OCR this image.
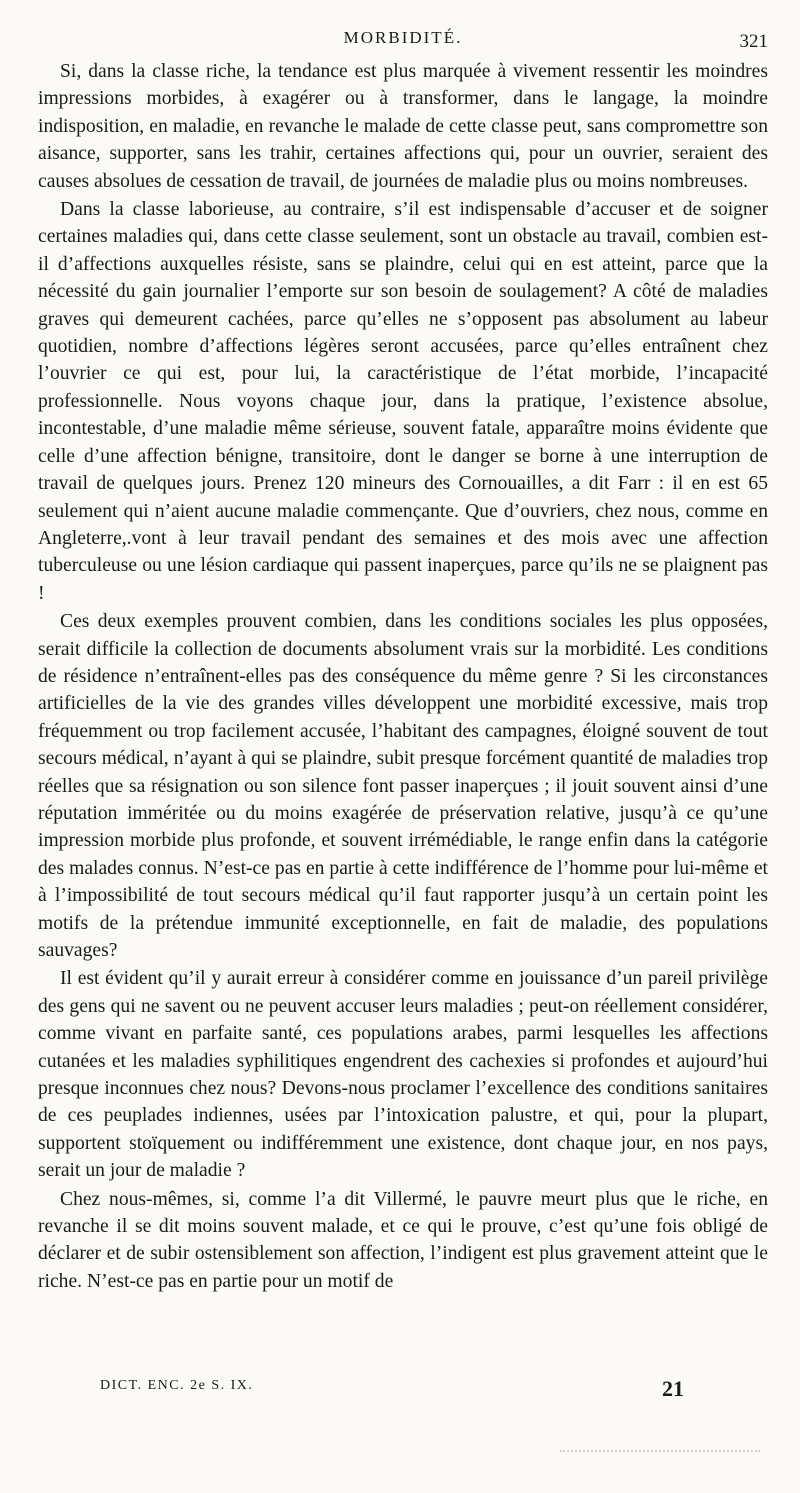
MORBIDITÉ.	321

Si, dans la classe riche, la tendance est plus marquée à vivement ressentir les moindres impressions morbides, à exagérer ou à transformer, dans le langage, la moindre indisposition, en maladie, en revanche le malade de cette classe peut, sans compromettre son aisance, supporter, sans les trahir, certaines affections qui, pour un ouvrier, seraient des causes absolues de cessation de travail, de journées de maladie plus ou moins nombreuses.

Dans la classe laborieuse, au contraire, s’il est indispensable d’accuser et de soigner certaines maladies qui, dans cette classe seulement, sont un obstacle au travail, combien est-il d’affections auxquelles résiste, sans se plaindre, celui qui en est atteint, parce que la nécessité du gain journalier l’emporte sur son besoin de soulagement? A côté de maladies graves qui demeurent cachées, parce qu’elles ne s’opposent pas absolument au labeur quotidien, nombre d’affections légères seront accusées, parce qu’elles entraînent chez l’ouvrier ce qui est, pour lui, la caractéristique de l’état morbide, l’incapacité professionnelle. Nous voyons chaque jour, dans la pratique, l’existence absolue, incontestable, d’une maladie même sérieuse, souvent fatale, apparaître moins évidente que celle d’une affection bénigne, transitoire, dont le danger se borne à une interruption de travail de quelques jours. Prenez 120 mineurs des Cornouailles, a dit Farr : il en est 65 seulement qui n’aient aucune maladie commençante. Que d’ouvriers, chez nous, comme en Angleterre,.vont à leur travail pendant des semaines et des mois avec une affection tuberculeuse ou une lésion cardiaque qui passent inaperçues, parce qu’ils ne se plaignent pas !

Ces deux exemples prouvent combien, dans les conditions sociales les plus opposées, serait difficile la collection de documents absolument vrais sur la morbidité. Les conditions de résidence n’entraînent-elles pas des conséquence du même genre ? Si les circonstances artificielles de la vie des grandes villes développent une morbidité excessive, mais trop fréquemment ou trop facilement accusée, l’habitant des campagnes, éloigné souvent de tout secours médical, n’ayant à qui se plaindre, subit presque forcément quantité de maladies trop réelles que sa résignation ou son silence font passer inaperçues ; il jouit souvent ainsi d’une réputation imméritée ou du moins exagérée de préservation relative, jusqu’à ce qu’une impression morbide plus profonde, et souvent irrémédiable, le range enfin dans la catégorie des malades connus. N’est-ce pas en partie à cette indifférence de l’homme pour lui-même et à l’impossibilité de tout secours médical qu’il faut rapporter jusqu’à un certain point les motifs de la prétendue immunité exceptionnelle, en fait de maladie, des populations sauvages?

Il est évident qu’il y aurait erreur à considérer comme en jouissance d’un pareil privilège des gens qui ne savent ou ne peuvent accuser leurs maladies ; peut-on réellement considérer, comme vivant en parfaite santé, ces populations arabes, parmi lesquelles les affections cutanées et les maladies syphilitiques engendrent des cachexies si profondes et aujourd’hui presque inconnues chez nous? Devons-nous proclamer l’excellence des conditions sanitaires de ces peuplades indiennes, usées par l’intoxication palustre, et qui, pour la plupart, supportent stoïquement ou indifféremment une existence, dont chaque jour, en nos pays, serait un jour de maladie ?

Chez nous-mêmes, si, comme l’a dit Villermé, le pauvre meurt plus que le riche, en revanche il se dit moins souvent malade, et ce qui le prouve, c’est qu’une fois obligé de déclarer et de subir ostensiblement son affection, l’indigent est plus gravement atteint que le riche. N’est-ce pas en partie pour un motif de

DICT. ENC. 2e S. IX.	21
